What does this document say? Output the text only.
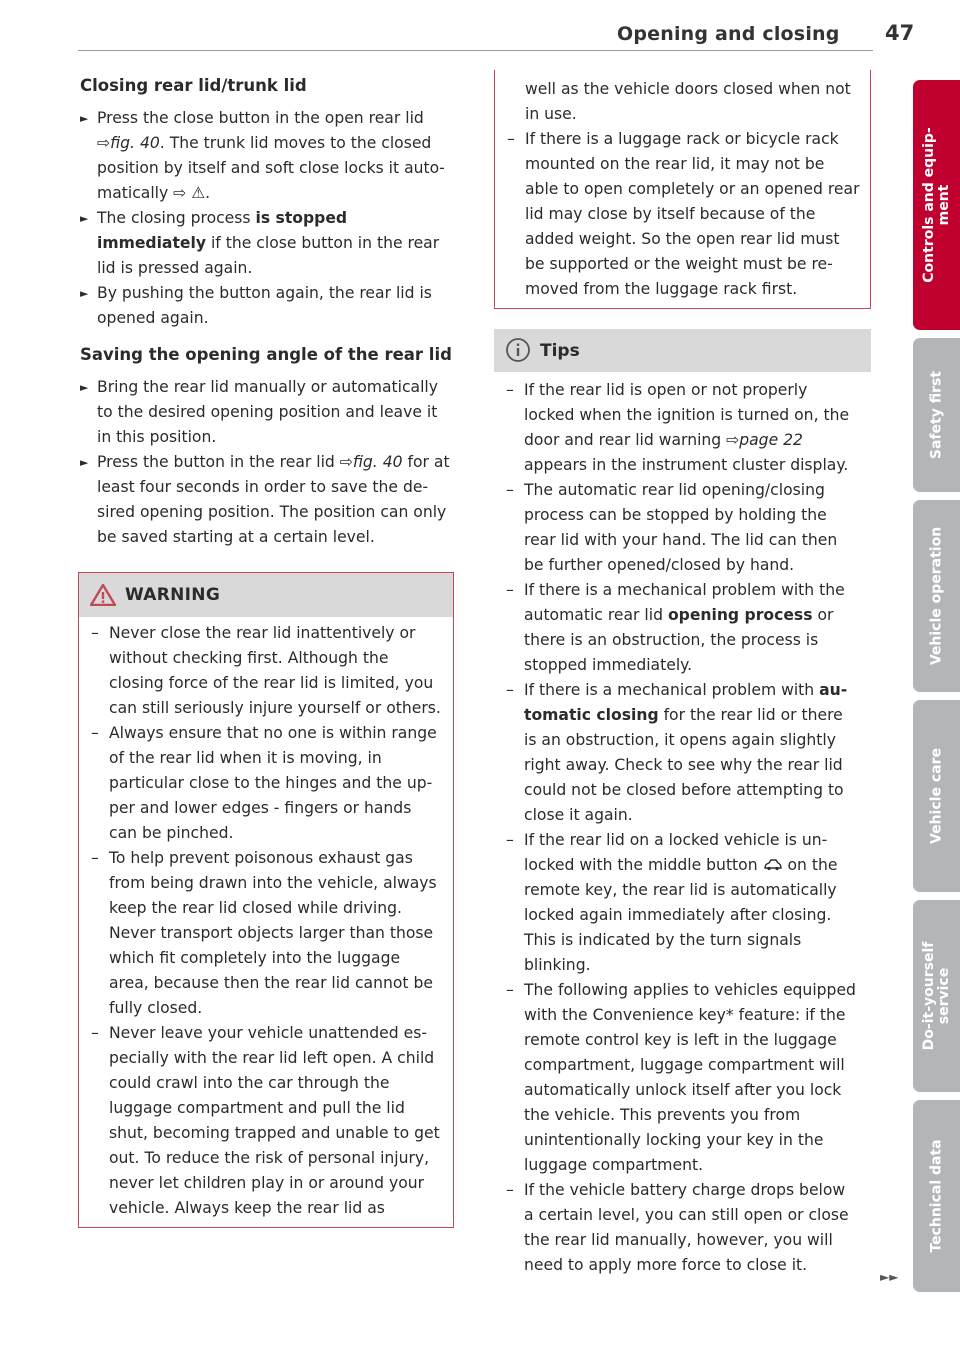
Opening and closing 47
Closing rear lid/trunk lid

► Press the close button in the open rear lid ⇨fig. 40. The trunk lid moves to the closed position by itself and soft close locks it automatically ⇨ ⚠.

► The closing process is stopped immediately if the close button in the rear lid is pressed again.

► By pushing the button again, the rear lid is opened again.

Saving the opening angle of the rear lid

► Bring the rear lid manually or automatically to the desired opening position and leave it in this position.

► Press the button in the rear lid ⇨fig. 40 for at least four seconds in order to save the desired opening position. The position can only be saved starting at a certain level.

WARNING

– Never close the rear lid inattentively or without checking first. Although the closing force of the rear lid is limited, you can still seriously injure yourself or others.

– Always ensure that no one is within range of the rear lid when it is moving, in particular close to the hinges and the upper and lower edges - fingers or hands can be pinched.

– To help prevent poisonous exhaust gas from being drawn into the vehicle, always keep the rear lid closed while driving. Never transport objects larger than those which fit completely into the luggage area, because then the rear lid cannot be fully closed.

– Never leave your vehicle unattended especially with the rear lid left open. A child could crawl into the car through the luggage compartment and pull the lid shut, becoming trapped and unable to get out. To reduce the risk of personal injury, never let children play in or around your vehicle. Always keep the rear lid as

well as the vehicle doors closed when not in use.

– If there is a luggage rack or bicycle rack mounted on the rear lid, it may not be able to open completely or an opened rear lid may close by itself because of the added weight. So the open rear lid must be supported or the weight must be removed from the luggage rack first.

Tips

– If the rear lid is open or not properly locked when the ignition is turned on, the door and rear lid warning ⇨page 22 appears in the instrument cluster display.

– The automatic rear lid opening/closing process can be stopped by holding the rear lid with your hand. The lid can then be further opened/closed by hand.

– If there is a mechanical problem with the automatic rear lid opening process or there is an obstruction, the process is stopped immediately.

– If there is a mechanical problem with automatic closing for the rear lid or there is an obstruction, it opens again slightly right away. Check to see why the rear lid could not be closed before attempting to close it again.

– If the rear lid on a locked vehicle is unlocked with the middle button  on the remote key, the rear lid is automatically locked again immediately after closing. This is indicated by the turn signals blinking.

– The following applies to vehicles equipped with the Convenience key* feature: if the remote control key is left in the luggage compartment, luggage compartment will automatically unlock itself after you lock the vehicle. This prevents you from unintentionally locking your key in the luggage compartment.

– If the vehicle battery charge drops below a certain level, you can still open or close the rear lid manually, however, you will need to apply more force to close it.

►►
Controls and equip-
ment
Safety first
Vehicle operation
Vehicle care
Do-it-yourself
service
Technical data
